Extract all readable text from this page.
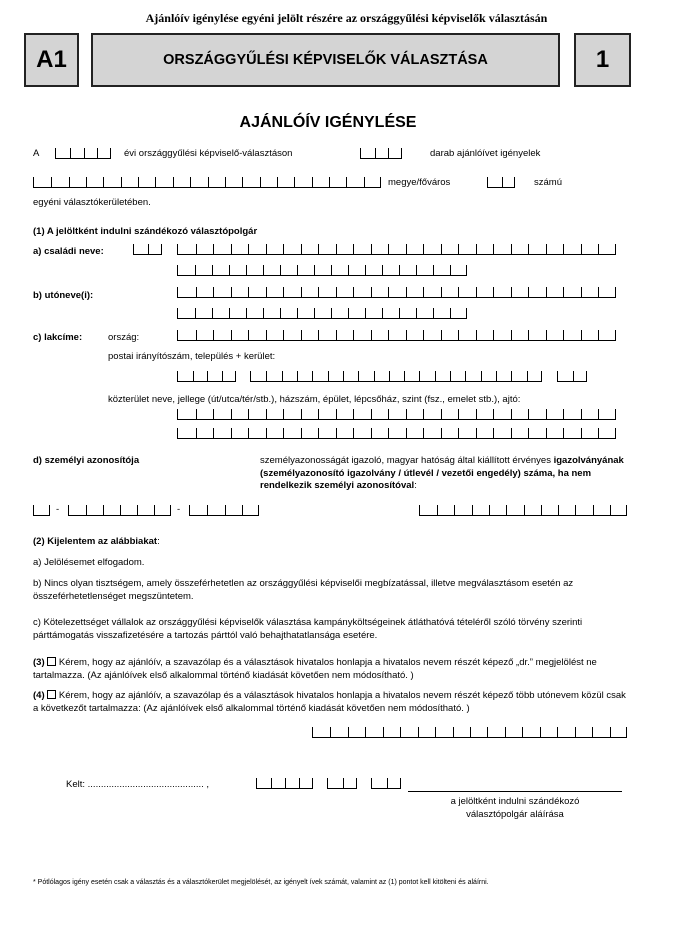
Ajánlóív igénylése egyéni jelölt részére az országgyűlési képviselők választásán
A1	ORSZÁGGYŰLÉSI KÉPVISELŐK VÁLASZTÁSA	1
AJÁNLÓÍV IGÉNYLÉSE
A	évi országgyűlési képviselő-választáson	darab ajánlóívet igényelek
megye/főváros	számú
egyéni választókerületében.
(1) A jelöltként indulni szándékozó választópolgár
a) családi neve:
b) utóneve(i):
c) lakcíme:	ország:
postai irányítószám, település + kerület:
közterület neve, jellege (út/utca/tér/stb.), házszám, épület, lépcsőház, szint (fsz., emelet stb.), ajtó:
d) személyi azonosítója	személyazonosságát igazoló, magyar hatóság által kiállított érvényes igazolványának (személyazonosító igazolvány / útlevél / vezetői engedély) száma, ha nem rendelkezik személyi azonosítóval:
-	-
(2) Kijelentem az alábbiakat:
a) Jelölésemet elfogadom.
b) Nincs olyan tisztségem, amely összeférhetetlen az országgyűlési képviselői megbízatással, illetve megválasztásom esetén az összeférhetetlenséget megszüntetem.
c) Kötelezettséget vállalok az országgyűlési képviselők választása kampányköltségeinek átláthatóvá tételéről szóló törvény szerinti párttámogatás visszafizetésére a tartozás párttól való behajthatatlansága esetére.
(3) Kérem, hogy az ajánlóív, a szavazólap és a választások hivatalos honlapja a hivatalos nevem részét képező „dr.” megjelölést ne tartalmazza. (Az ajánlóívek első alkalommal történő kiadását követően nem módosítható. )
(4) Kérem, hogy az ajánlóív, a szavazólap és a választások hivatalos honlapja a hivatalos nevem részét képező több utónevem közül csak a következőt tartalmazza: (Az ajánlóívek első alkalommal történő kiadását követően nem módosítható. )
Kelt: ............................................ ,
a jelöltként indulni szándékozó
választópolgár aláírása
* Pótlólagos igény esetén csak a választás és a választókerület megjelölését, az igényelt ívek számát, valamint az (1) pontot kell kitölteni és aláírni.
